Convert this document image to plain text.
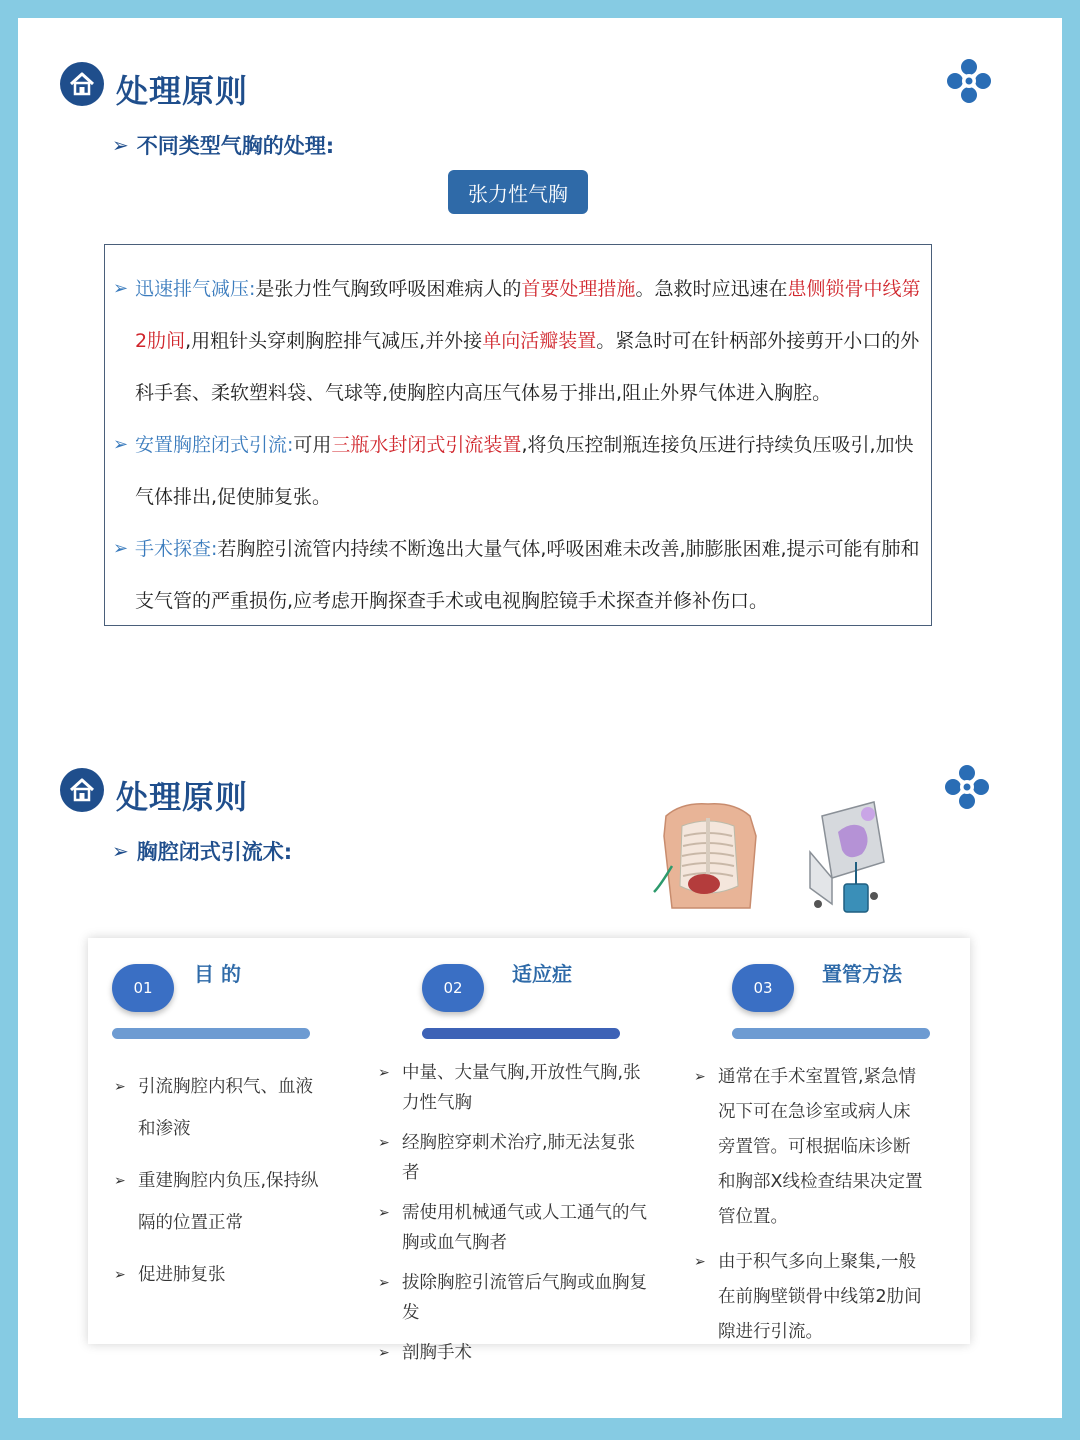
处理原则
➢ 不同类型气胸的处理:
张力性气胸
➢ 迅速排气减压:是张力性气胸致呼吸困难病人的首要处理措施。急救时应迅速在患侧锁骨中线第2肋间,用粗针头穿刺胸腔排气减压,并外接单向活瓣装置。紧急时可在针柄部外接剪开小口的外科手套、柔软塑料袋、气球等,使胸腔内高压气体易于排出,阻止外界气体进入胸腔。
➢ 安置胸腔闭式引流:可用三瓶水封闭式引流装置,将负压控制瓶连接负压进行持续负压吸引,加快气体排出,促使肺复张。
➢ 手术探查:若胸腔引流管内持续不断逸出大量气体,呼吸困难未改善,肺膨胀困难,提示可能有肺和支气管的严重损伤,应考虑开胸探查手术或电视胸腔镜手术探查并修补伤口。
处理原则
➢ 胸腔闭式引流术:
01
目 的
➢ 引流胸腔内积气、血液和渗液
➢ 重建胸腔内负压,保持纵隔的位置正常
➢ 促进肺复张
02
适应症
➢ 中量、大量气胸,开放性气胸,张力性气胸
➢ 经胸腔穿刺术治疗,肺无法复张者
➢ 需使用机械通气或人工通气的气胸或血气胸者
➢ 拔除胸腔引流管后气胸或血胸复发
➢ 剖胸手术
03
置管方法
➢ 通常在手术室置管,紧急情况下可在急诊室或病人床旁置管。可根据临床诊断和胸部X线检查结果决定置管位置。
➢ 由于积气多向上聚集,一般在前胸壁锁骨中线第2肋间隙进行引流。
